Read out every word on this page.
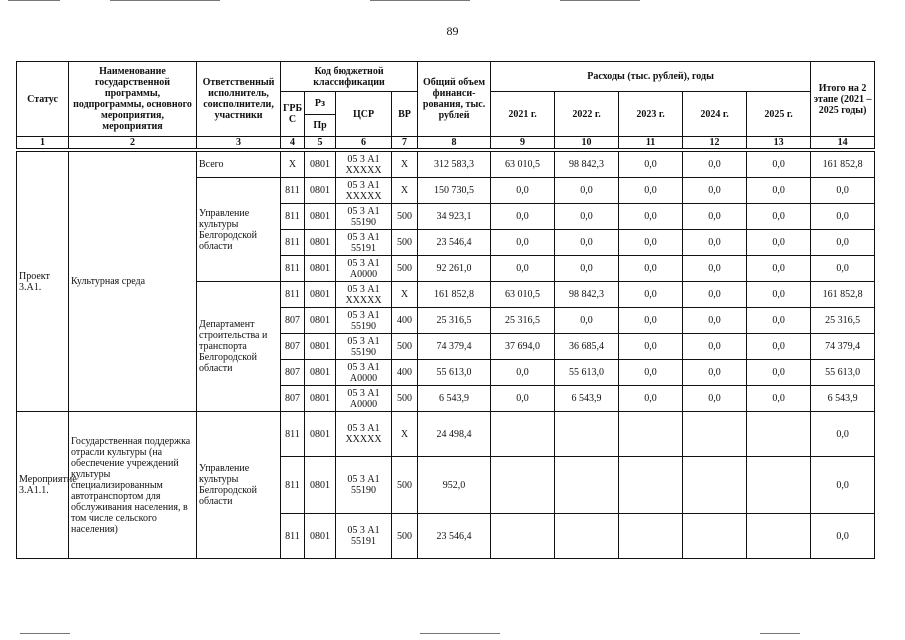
89
Статус	Наименование государственной программы, подпрограммы, основного мероприятия, мероприятия	Ответственный исполнитель, соисполнители, участники	Код бюджетной классификации				Общий объем финанси-рования, тыс. рублей	Расходы (тыс. рублей), годы					Итого на 2 этапе (2021 – 2025 годы)
			ГРБ С	Рз	ЦСР	ВР		2021 г.	2022 г.	2023 г.	2024 г.	2025 г.	
				Пр									
1	2	3	4	5	6	7	8	9	10	11	12	13	14

Проект 3.А1.	Культурная среда	Всего	Х	0801	05 3 А1 ХХХХХ	Х	312 583,3	63 010,5	98 842,3	0,0	0,0	0,0	161 852,8
		Управление культуры Белгородской области	811	0801	05 3 А1 ХХХХХ	Х	150 730,5	0,0	0,0	0,0	0,0	0,0	0,0
			811	0801	05 3 А1 55190	500	34 923,1	0,0	0,0	0,0	0,0	0,0	0,0
			811	0801	05 3 А1 55191	500	23 546,4	0,0	0,0	0,0	0,0	0,0	0,0
			811	0801	05 3 А1 А0000	500	92 261,0	0,0	0,0	0,0	0,0	0,0	0,0
		Департамент строительства и транспорта Белгородской области	811	0801	05 3 А1 ХХХХХ	Х	161 852,8	63 010,5	98 842,3	0,0	0,0	0,0	161 852,8
			807	0801	05 3 А1 55190	400	25 316,5	25 316,5	0,0	0,0	0,0	0,0	25 316,5
			807	0801	05 3 А1 55190	500	74 379,4	37 694,0	36 685,4	0,0	0,0	0,0	74 379,4
			807	0801	05 3 А1 А0000	400	55 613,0	0,0	55 613,0	0,0	0,0	0,0	55 613,0
			807	0801	05 3 А1 А0000	500	6 543,9	0,0	6 543,9	0,0	0,0	0,0	6 543,9
Мероприятие 3.А1.1.	Государственная поддержка отрасли культуры (на обеспечение учреждений культуры специализированным автотранспортом для обслуживания населения, в том числе сельского населения)	Управление культуры Белгородской области	811	0801	05 3 А1 ХХХХХ	Х	24 498,4						0,0
			811	0801	05 3 А1 55190	500	952,0						0,0
			811	0801	05 3 А1 55191	500	23 546,4						0,0
